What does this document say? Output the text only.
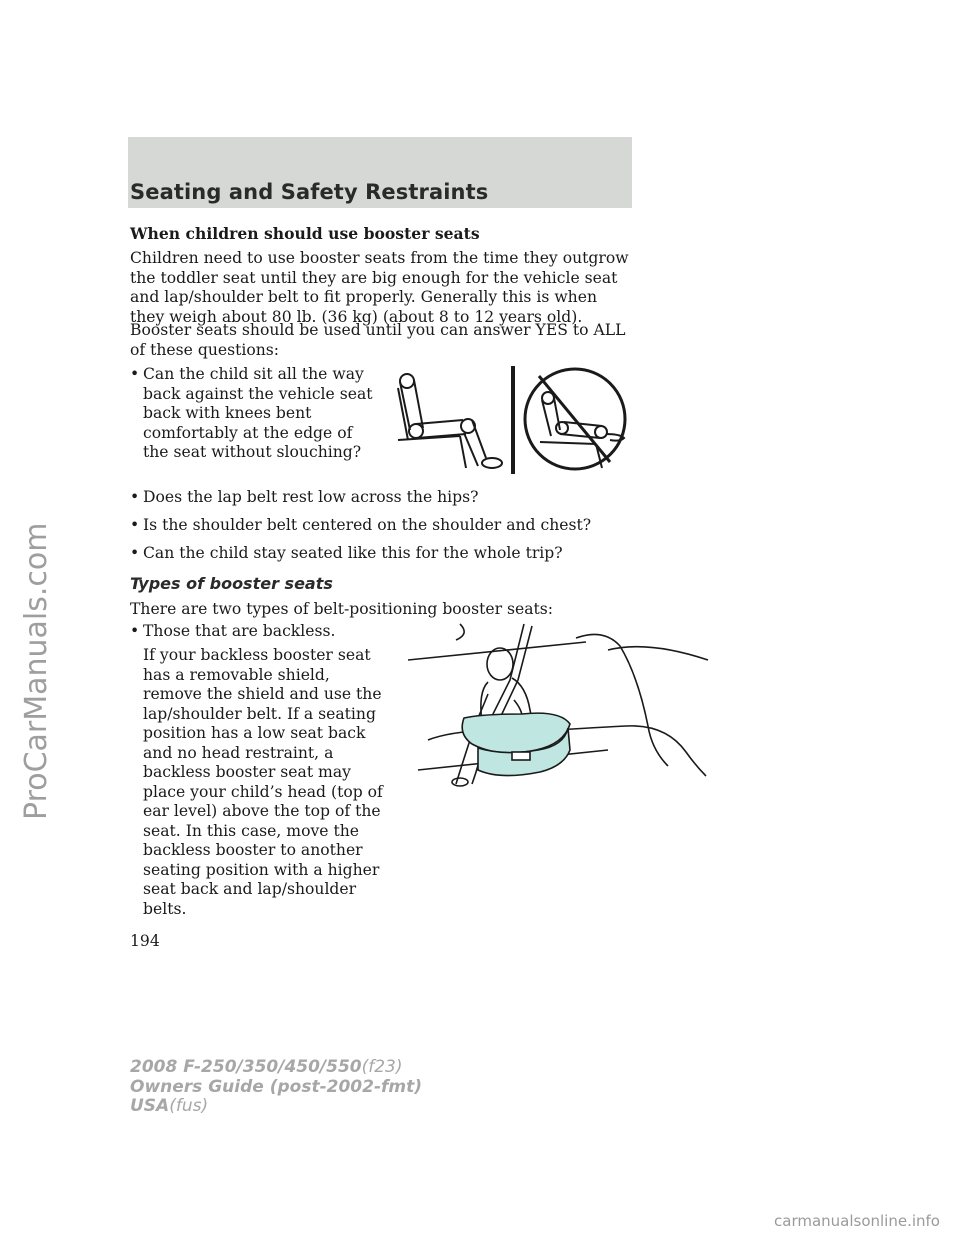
Seating and Safety Restraints
ProCarManuals.com

When children should use booster seats

Children need to use booster seats from the time they outgrow the toddler seat until they are big enough for the vehicle seat and lap/shoulder belt to fit properly. Generally this is when they weigh about 80 lb. (36 kg) (about 8 to 12 years old).

Booster seats should be used until you can answer YES to ALL of these questions:

• Can the child sit all the way back against the vehicle seat back with knees bent comfortably at the edge of the seat without slouching?
• Does the lap belt rest low across the hips?
• Is the shoulder belt centered on the shoulder and chest?
• Can the child stay seated like this for the whole trip?
Types of booster seats

There are two types of belt-positioning booster seats:

• Those that are backless.

If your backless booster seat has a removable shield, remove the shield and use the lap/shoulder belt. If a seating position has a low seat back and no head restraint, a backless booster seat may place your child’s head (top of ear level) above the top of the seat. In this case, move the backless booster to another seating position with a higher seat back and lap/shoulder belts.

194

2008 F-250/350/450/550(f23)
Owners Guide (post-2002-fmt)
USA(fus)

carmanualsonline.info
